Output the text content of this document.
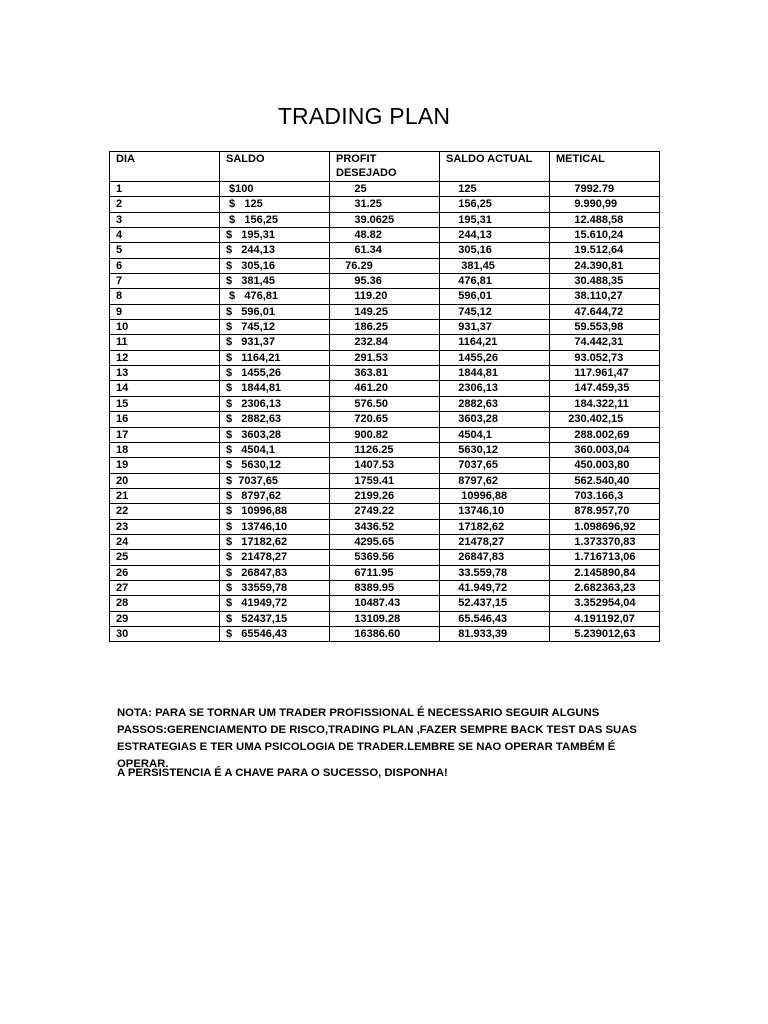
TRADING PLAN
DIA	SALDO	PROFIT DESEJADO	SALDO ACTUAL	METICAL
1	$100	25	125	7992.79
2	$   125	31.25	156,25	9.990,99
3	$   156,25	39.0625	195,31	12.488,58
4	$   195,31	48.82	244,13	15.610,24
5	$   244,13	61.34	305,16	19.512,64
6	$   305,16	76.29	381,45	24.390,81
7	$   381,45	95.36	476,81	30.488,35
8	$   476,81	119.20	596,01	38.110,27
9	$   596,01	149.25	745,12	47.644,72
10	$   745,12	186.25	931,37	59.553,98
11	$   931,37	232.84	1164,21	74.442,31
12	$   1164,21	291.53	1455,26	93.052,73
13	$   1455,26	363.81	1844,81	117.961,47
14	$   1844,81	461.20	2306,13	147.459,35
15	$   2306,13	576.50	2882,63	184.322,11
16	$   2882,63	720.65	3603,28	230.402,15
17	$   3603,28	900.82	4504,1	288.002,69
18	$   4504,1	1126.25	5630,12	360.003,04
19	$   5630,12	1407.53	7037,65	450.003,80
20	$  7037,65	1759.41	8797,62	562.540,40
21	$   8797,62	2199.26	10996,88	703.166,3
22	$   10996,88	2749.22	13746,10	878.957,70
23	$   13746,10	3436.52	17182,62	1.098696,92
24	$   17182,62	4295.65	21478,27	1.373370,83
25	$   21478,27	5369.56	26847,83	1.716713,06
26	$   26847,83	6711.95	33.559,78	2.145890,84
27	$   33559,78	8389.95	41.949,72	2.682363,23
28	$   41949,72	10487.43	52.437,15	3.352954,04
29	$   52437,15	13109.28	65.546,43	4.191192,07
30	$   65546,43	16386.60	81.933,39	5.239012,63

NOTA: PARA SE TORNAR UM TRADER PROFISSIONAL É NECESSARIO SEGUIR ALGUNS PASSOS:GERENCIAMENTO DE RISCO,TRADING PLAN ,FAZER SEMPRE BACK TEST DAS SUAS ESTRATEGIAS E TER UMA PSICOLOGIA DE TRADER.LEMBRE SE NAO OPERAR TAMBÉM É OPERAR.

A PERSISTENCIA É A CHAVE PARA O SUCESSO, DISPONHA!
